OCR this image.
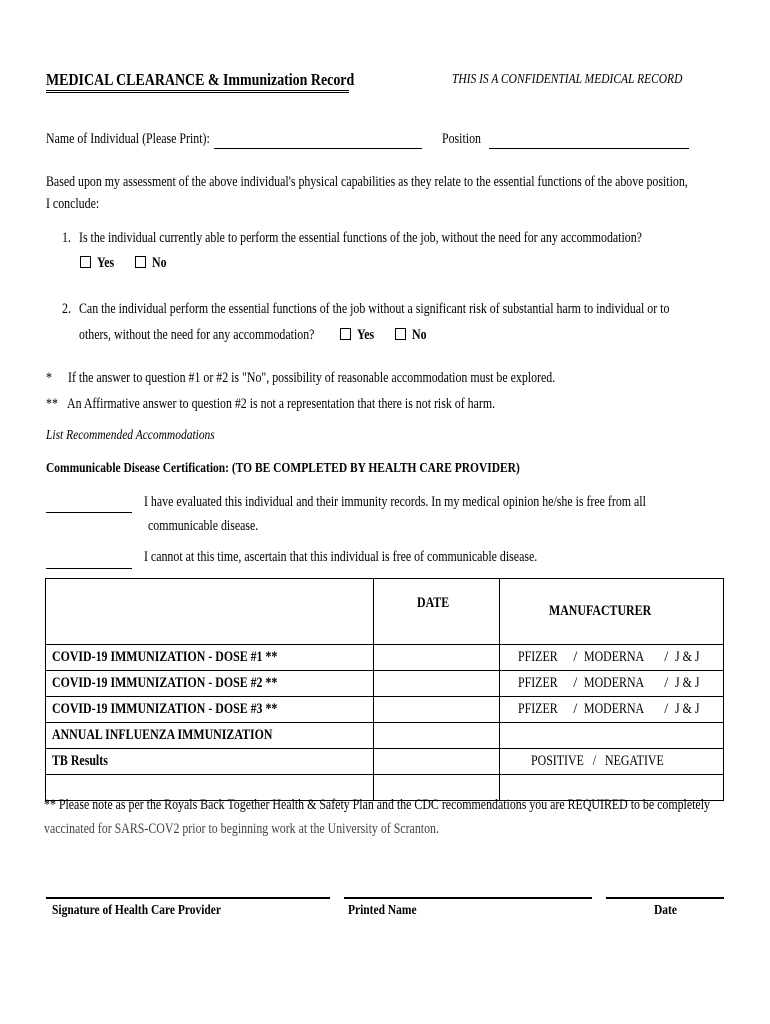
MEDICAL CLEARANCE & Immunization Record	THIS IS A CONFIDENTIAL MEDICAL RECORD
Name of Individual (Please Print):	Position
Based upon my assessment of the above individual's physical capabilities as they relate to the essential functions of the above position,
I conclude:
1. Is the individual currently able to perform the essential functions of the job, without the need for any accommodation?
Yes	No
2. Can the individual perform the essential functions of the job without a significant risk of substantial harm to individual or to
others, without the need for any accommodation?	Yes	No
* If the answer to question #1 or #2 is "No", possibility of reasonable accommodation must be explored.
** An Affirmative answer to question #2 is not a representation that there is not risk of harm.
List Recommended Accommodations
Communicable Disease Certification: (TO BE COMPLETED BY HEALTH CARE PROVIDER)
I have evaluated this individual and their immunity records. In my medical opinion he/she is free from all
communicable disease.
I cannot at this time, ascertain that this individual is free of communicable disease.
	DATE	MANUFACTURER
COVID-19 IMMUNIZATION - DOSE #1 **		PFIZER / MODERNA / J & J

COVID-19 IMMUNIZATION - DOSE #2 **		PFIZER / MODERNA / J & J

COVID-19 IMMUNIZATION - DOSE #3 **		PFIZER / MODERNA / J & J

ANNUAL INFLUENZA IMMUNIZATION		
TB Results		POSITIVE   /   NEGATIVE

** Please note as per the Royals Back Together Health & Safety Plan and the CDC recommendations you are REQUIRED to be completely
vaccinated for SARS-COV2 prior to beginning work at the University of Scranton.
Signature of Health Care Provider	Printed Name	Date
